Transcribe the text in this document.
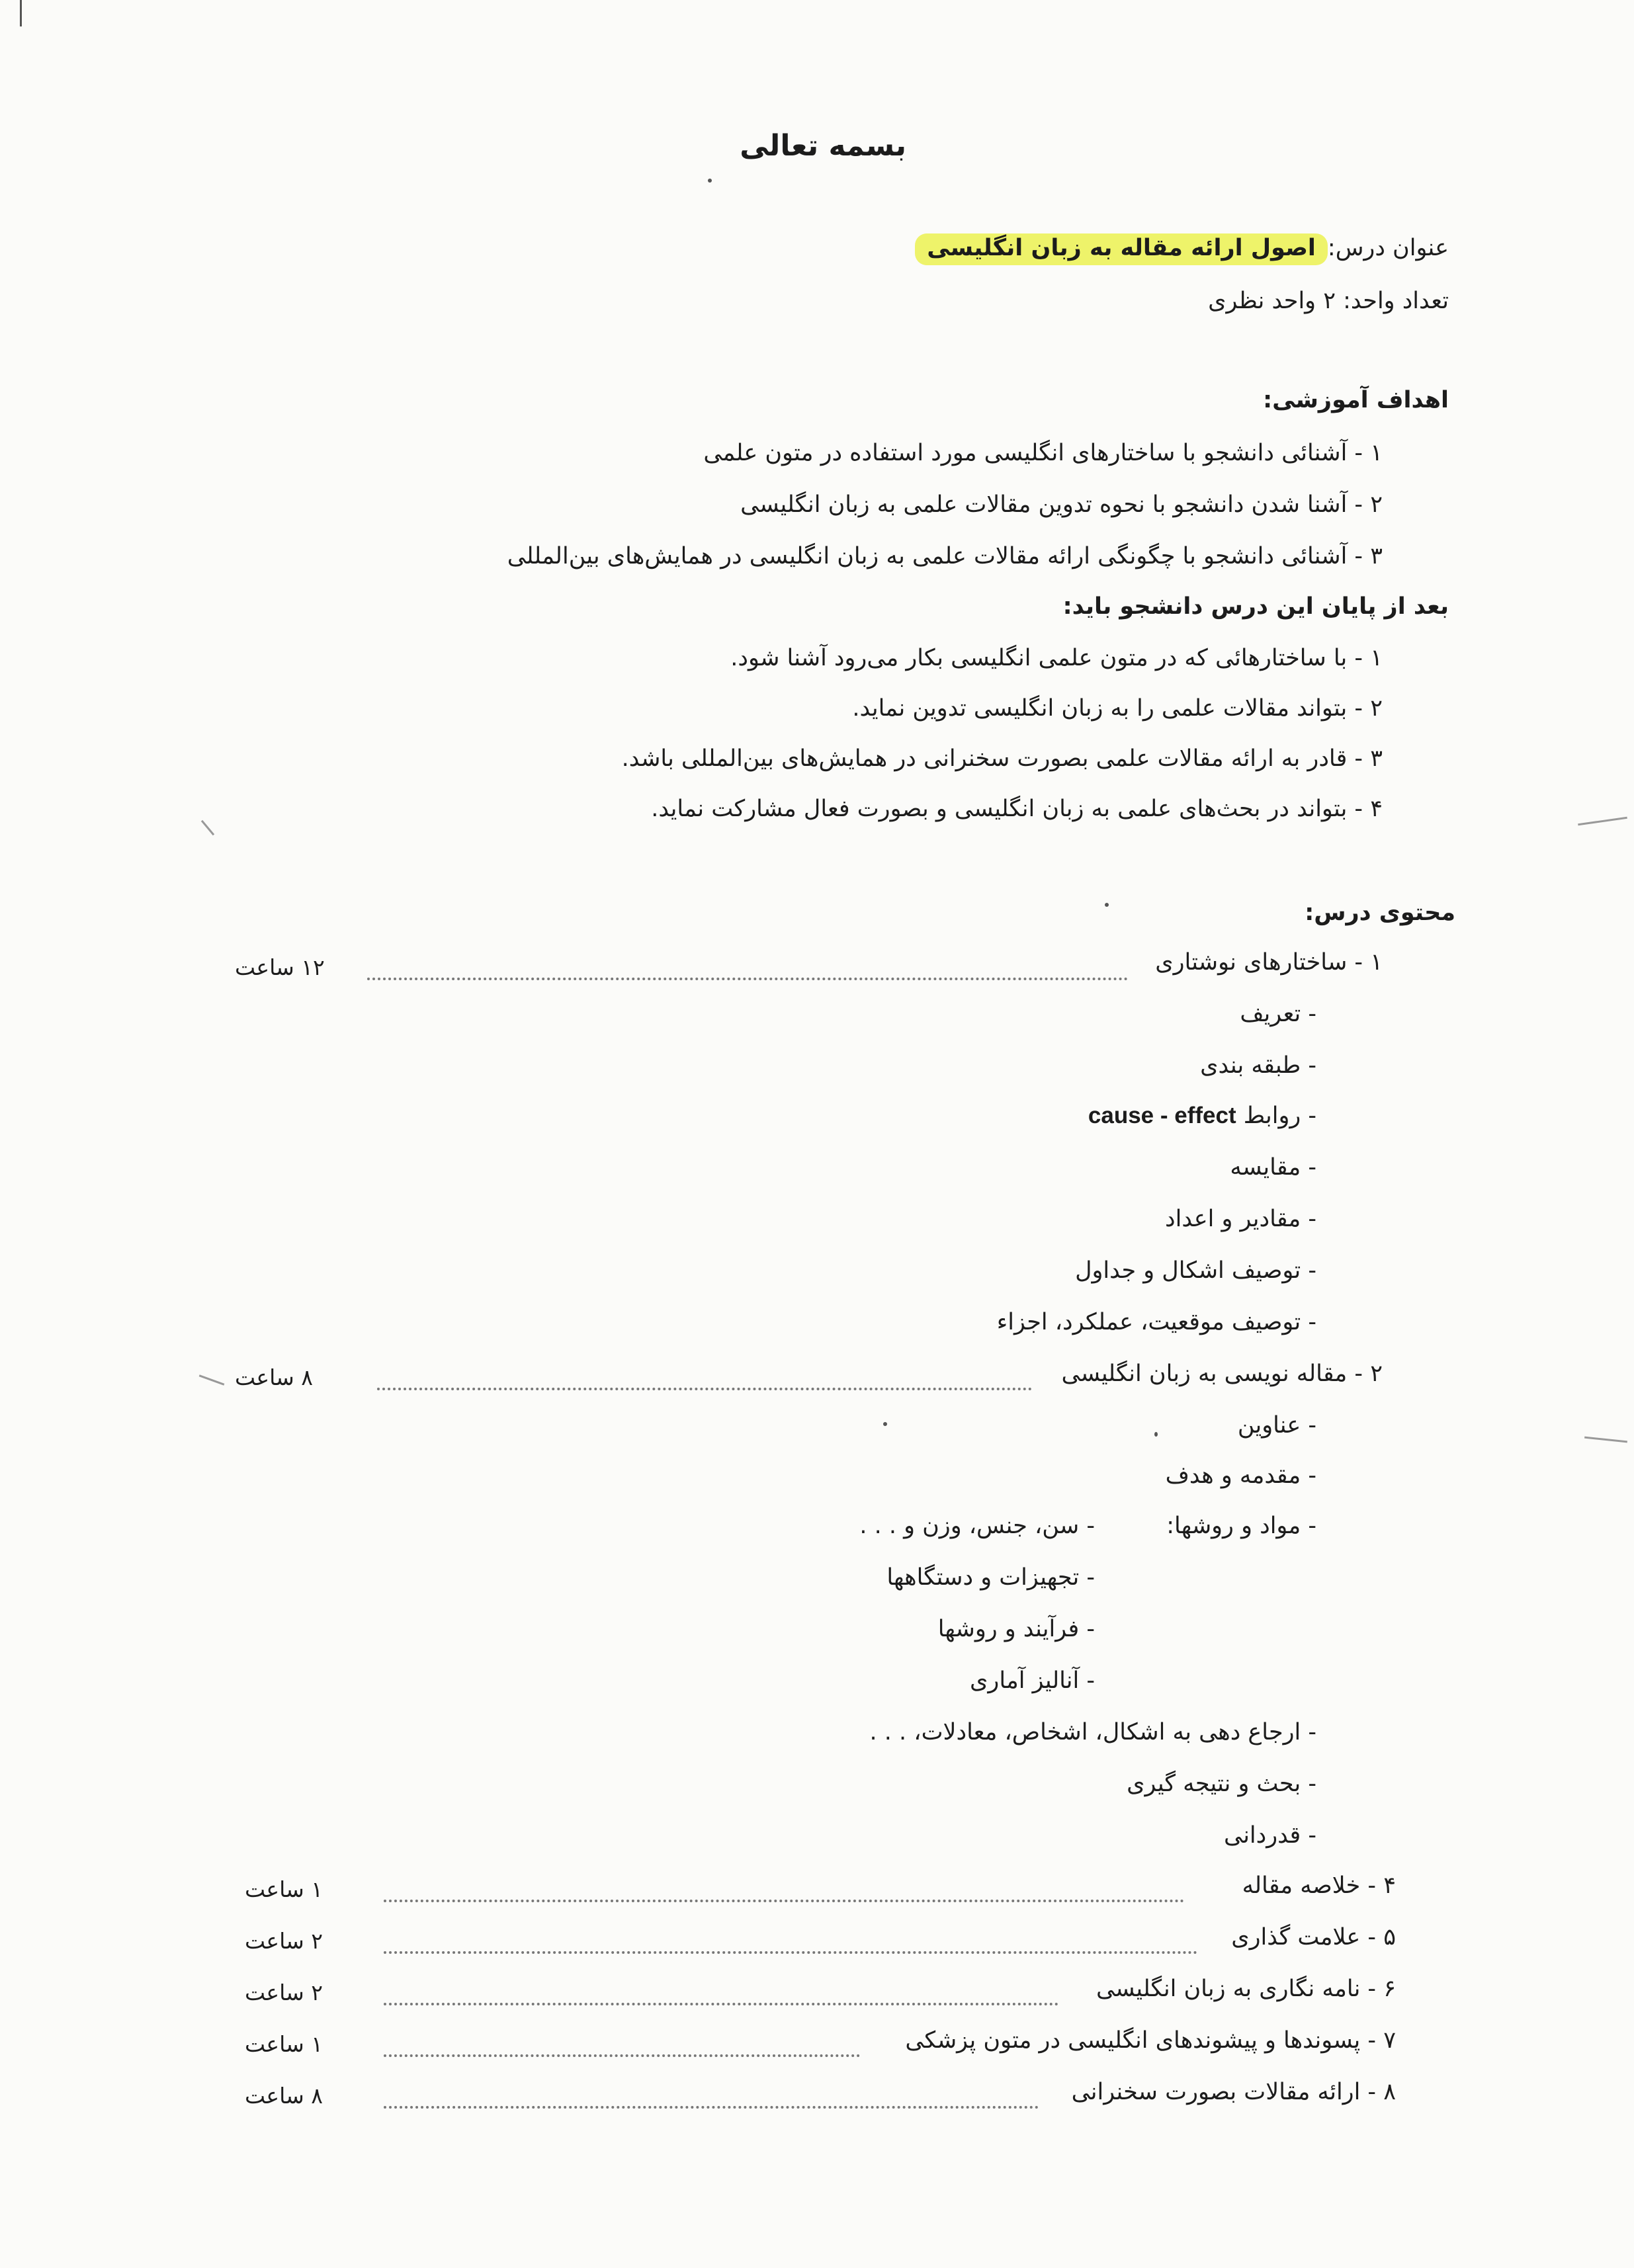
بسمه تعالی
عنوان درس:اصول ارائه مقاله به زبان انگلیسی
تعداد واحد: ۲ واحد نظری
اهداف آموزشی:
۱ - آشنائی دانشجو با ساختارهای انگلیسی مورد استفاده در متون علمی
۲ - آشنا شدن دانشجو با نحوه تدوین مقالات علمی به زبان انگلیسی
۳ - آشنائی دانشجو با چگونگی ارائه مقالات علمی به زبان انگلیسی در همایش‌های بین‌المللی
بعد از پایان این درس دانشجو باید:
۱ - با ساختارهائی که در متون علمی انگلیسی بکار می‌رود آشنا شود.
۲ - بتواند مقالات علمی را به زبان انگلیسی تدوین نماید.
۳ - قادر به ارائه مقالات علمی بصورت سخنرانی در همایش‌های بین‌المللی باشد.
۴ - بتواند در بحث‌های علمی به زبان انگلیسی و بصورت فعال مشارکت نماید.
محتوی درس:
۱ - ساختارهای نوشتاری
۱۲ ساعت
- تعریف
- طبقه بندی
- روابط cause - effect
- مقایسه
- مقادیر و اعداد
- توصیف اشکال و جداول
- توصیف موقعیت، عملکرد، اجزاء
۲ - مقاله نویسی به زبان انگلیسی
۸ ساعت
- عناوین
- مقدمه و هدف
- مواد و روشها:
- سن، جنس، وزن و . . .
- تجهیزات و دستگاهها
- فرآیند و روشها
- آنالیز آماری
- ارجاع دهی به اشکال، اشخاص، معادلات، . . .
- بحث و نتیجه گیری
- قدردانی
۴ - خلاصه مقاله
۱ ساعت
۵ - علامت گذاری
۲ ساعت
۶ - نامه نگاری به زبان انگلیسی
۲ ساعت
۷ - پسوندها و پیشوندهای انگلیسی در متون پزشکی
۱ ساعت
۸ - ارائه مقالات بصورت سخنرانی
۸ ساعت
